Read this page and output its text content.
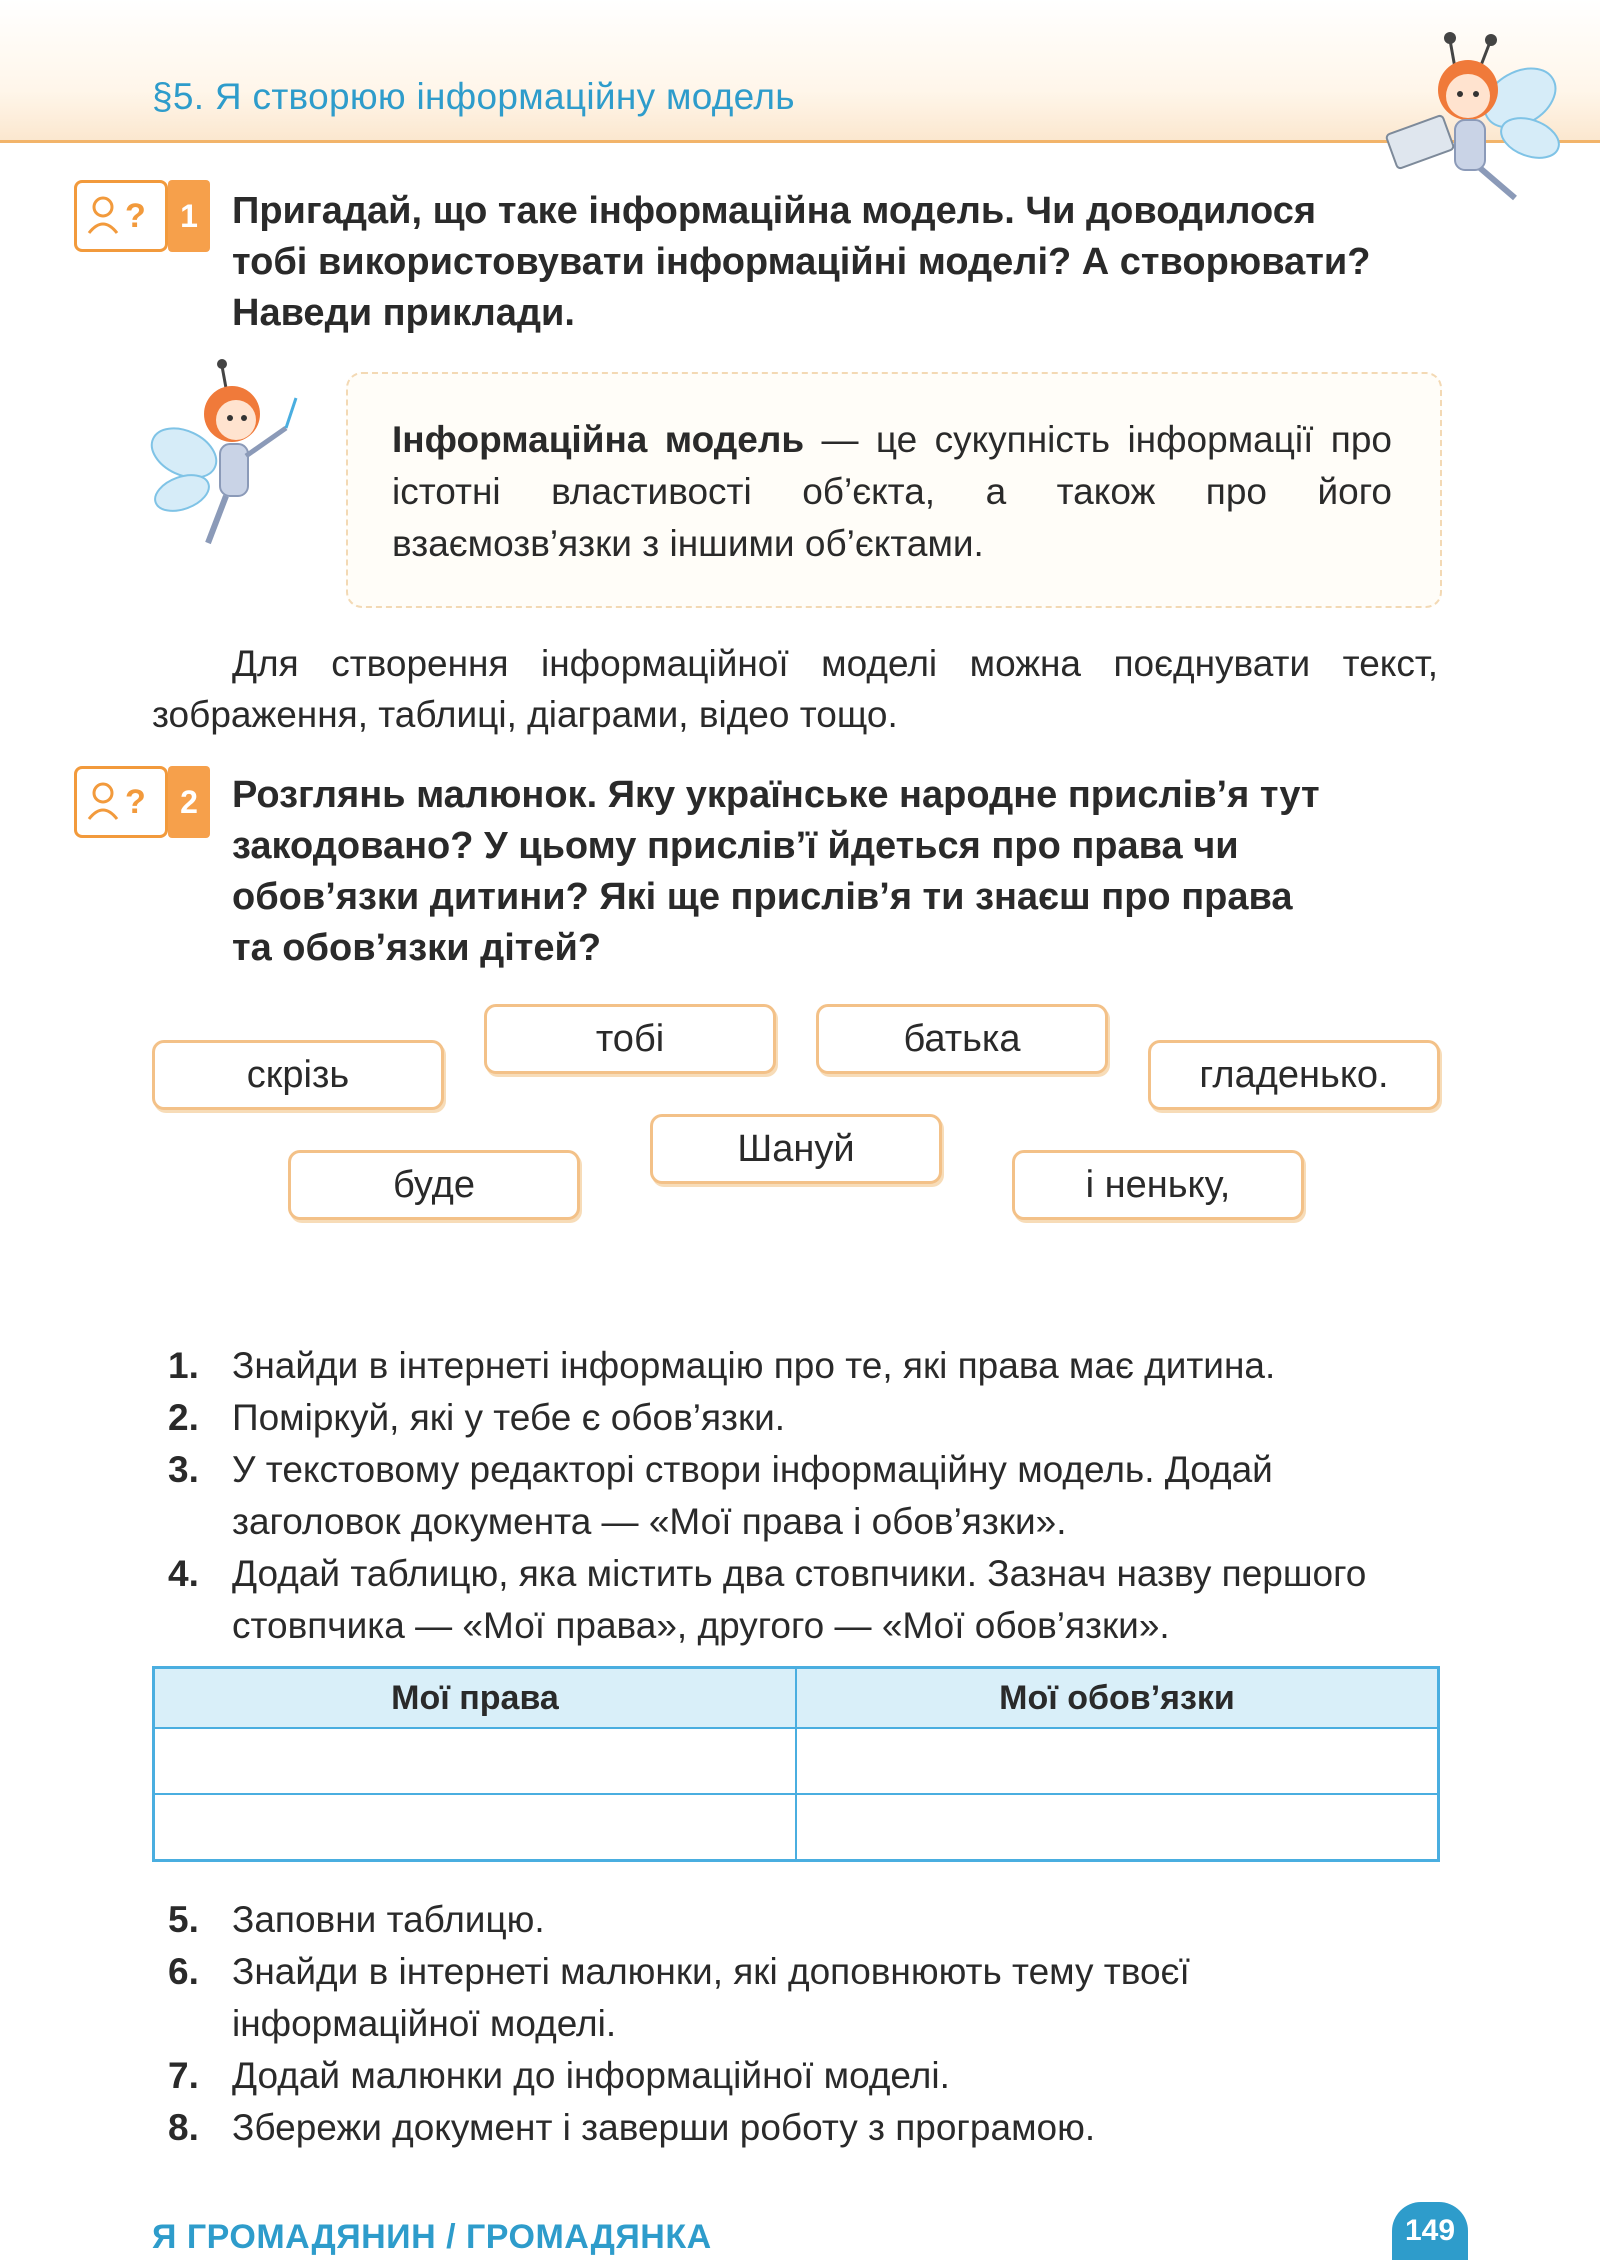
§5. Я створюю інформаційну модель
?	1 Пригадай, що таке інформаційна модель. Чи доводилося
тобі використовувати інформаційні моделі? А створювати?
Наведи приклади.
Інформаційна модель — це сукупність інформації про істотні властивості об’єкта, а також про його взаємозв’язки з іншими об’єктами.
Для створення інформаційної моделі можна поєднувати текст, зображення, таблиці, діаграми, відео тощо.
?	2 Розглянь малюнок. Яку українське народне прислів’я тут
закодовано? У цьому прислів’ї йдеться про права чи
обов’язки дитини? Які ще прислів’я ти знаєш про права
та обов’язки дітей?
скрізь
тобі	батька
гладенько.
буде
Шануй
і неньку,
1. Знайди в інтернеті інформацію про те, які права має дитина.
2. Поміркуй, які у тебе є обов’язки.
3. У текстовому редакторі створи інформаційну модель. Додай заголовок документа — «Мої права і обов’язки».
4. Додай таблицю, яка містить два стовпчики. Зазнач назву першого стовпчика — «Мої права», другого — «Мої обов’язки».
Мої права	Мої обов’язки

5. Заповни таблицю.
6. Знайди в інтернеті малюнки, які доповнюють тему твоєї інформаційної моделі.
7. Додай малюнки до інформаційної моделі.
8. Збережи документ і заверши роботу з програмою.
Я ГРОМАДЯНИН / ГРОМАДЯНКА	149
